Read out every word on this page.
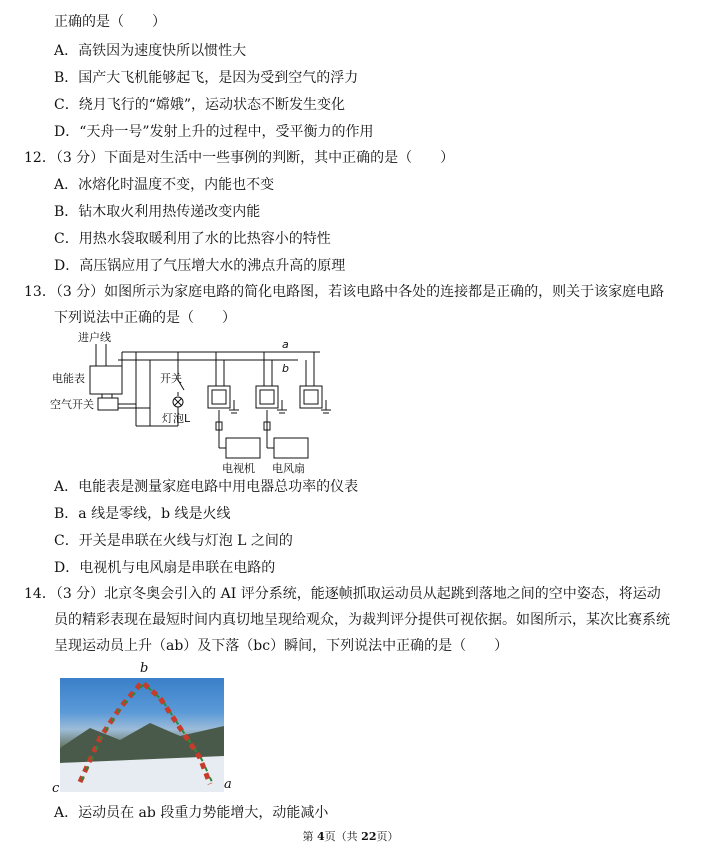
正确的是（　　）
A．高铁因为速度快所以惯性大
B．国产大飞机能够起飞，是因为受到空气的浮力
C．绕月飞行的“嫦娥”，运动状态不断发生变化
D．“天舟一号”发射上升的过程中，受平衡力的作用
12．（3 分）下面是对生活中一些事例的判断，其中正确的是（　　）
A．冰熔化时温度不变，内能也不变
B．钻木取火利用热传递改变内能
C．用热水袋取暖利用了水的比热容小的特性
D．高压锅应用了气压增大水的沸点升高的原理
13．（3 分）如图所示为家庭电路的简化电路图，若该电路中各处的连接都是正确的，则关于该家庭电路
下列说法中正确的是（　　）
进户线
电能表
空气开关
开关
灯泡L
电视机 电风扇
a
b
A．电能表是测量家庭电路中用电器总功率的仪表
B．a 线是零线，b 线是火线
C．开关是串联在火线与灯泡 L 之间的
D．电视机与电风扇是串联在电路的
14．（3 分）北京冬奥会引入的 AI 评分系统，能逐帧抓取运动员从起跳到落地之间的空中姿态，将运动
员的精彩表现在最短时间内真切地呈现给观众，为裁判评分提供可视依据。如图所示，某次比赛系统
呈现运动员上升（ab）及下落（bc）瞬间，下列说法中正确的是（　　）
b
a
c
A．运动员在 ab 段重力势能增大，动能减小
第 4页（共 22页）
